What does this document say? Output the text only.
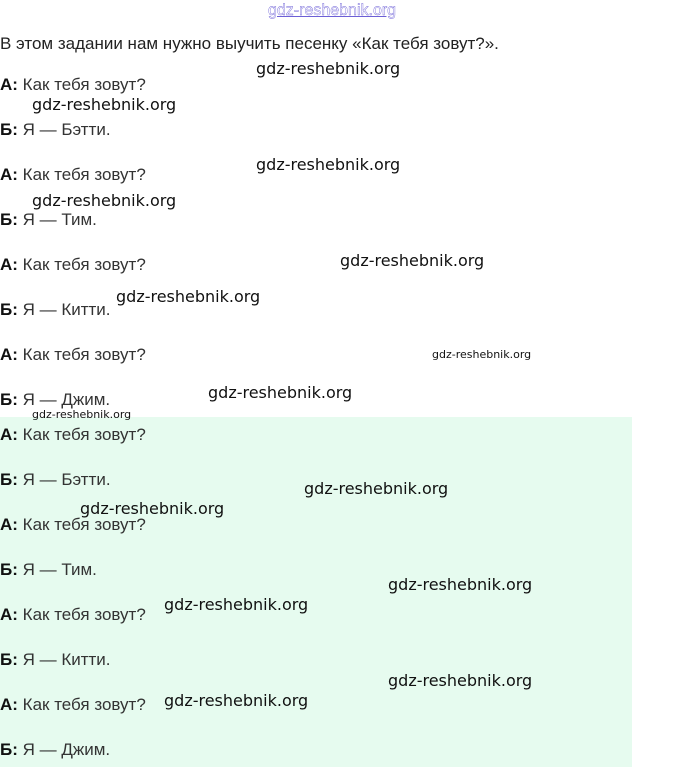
gdz-reshebnik.org
В этом задании нам нужно выучить песенку «Как тебя зовут?».
А: Как тебя зовут?
Б: Я — Бэтти.
А: Как тебя зовут?
Б: Я — Тим.
А: Как тебя зовут?
Б: Я — Китти.
А: Как тебя зовут?
Б: Я — Джим.
А: Как тебя зовут?
Б: Я — Бэтти.
А: Как тебя зовут?
Б: Я — Тим.
А: Как тебя зовут?
Б: Я — Китти.
А: Как тебя зовут?
Б: Я — Джим.
gdz-reshebnik.org
gdz-reshebnik.org
gdz-reshebnik.org
gdz-reshebnik.org
gdz-reshebnik.org
gdz-reshebnik.org
gdz-reshebnik.org
gdz-reshebnik.org
gdz-reshebnik.org
gdz-reshebnik.org
gdz-reshebnik.org
gdz-reshebnik.org
gdz-reshebnik.org
gdz-reshebnik.org
gdz-reshebnik.org
